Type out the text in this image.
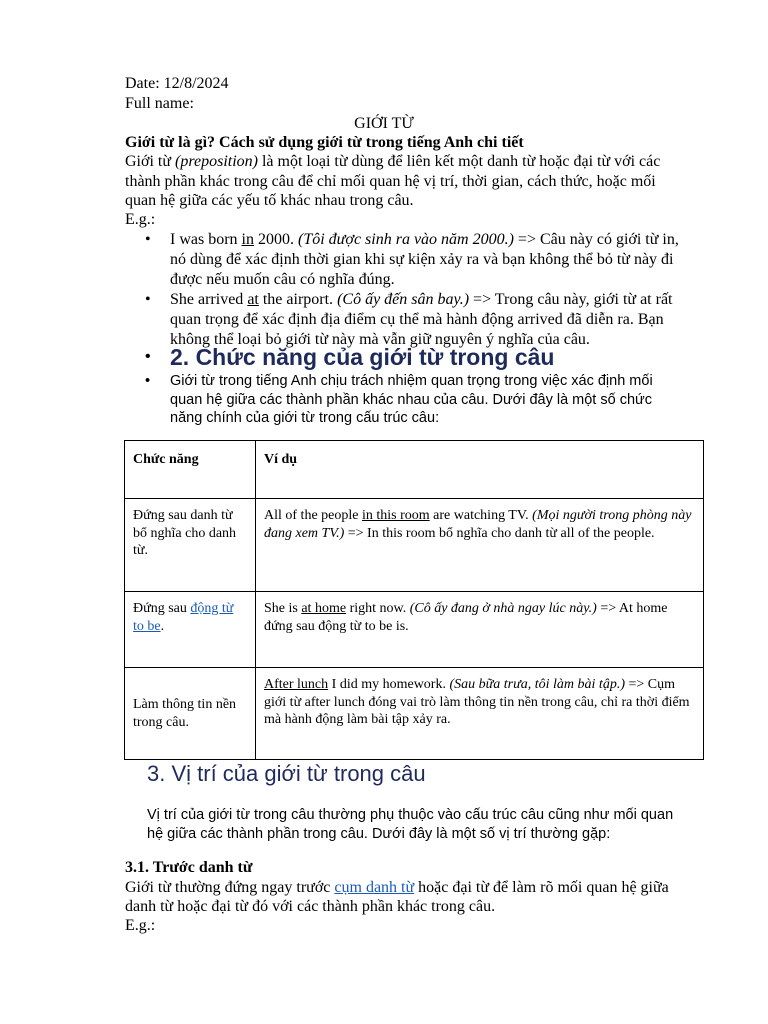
Date: 12/8/2024
Full name:
GIỚI TỪ
Giới từ là gì? Cách sử dụng giới từ trong tiếng Anh chi tiết
Giới từ (preposition) là một loại từ dùng để liên kết một danh từ hoặc đại từ với các
thành phần khác trong câu để chỉ mối quan hệ vị trí, thời gian, cách thức, hoặc mối
quan hệ giữa các yếu tố khác nhau trong câu.
E.g.:
• I was born in 2000. (Tôi được sinh ra vào năm 2000.) => Câu này có giới từ in,
nó dùng để xác định thời gian khi sự kiện xảy ra và bạn không thể bỏ từ này đi
được nếu muốn câu có nghĩa đúng.
• She arrived at the airport. (Cô ấy đến sân bay.) => Trong câu này, giới từ at rất
quan trọng để xác định địa điểm cụ thể mà hành động arrived đã diễn ra. Bạn
không thể loại bỏ giới từ này mà vẫn giữ nguyên ý nghĩa của câu.
• 2. Chức năng của giới từ trong câu
• Giới từ trong tiếng Anh chịu trách nhiệm quan trọng trong việc xác định mối
quan hệ giữa các thành phần khác nhau của câu. Dưới đây là một số chức
năng chính của giới từ trong cấu trúc câu:
Chức năng	Ví dụ
Đứng sau danh từ bổ nghĩa cho danh từ.	All of the people in this room are watching TV. (Mọi người trong phòng này đang xem TV.) => In this room bổ nghĩa cho danh từ all of the people.
Đứng sau động từ to be.	She is at home right now. (Cô ấy đang ở nhà ngay lúc này.) => At home đứng sau động từ to be is.
Làm thông tin nền trong câu.	After lunch I did my homework. (Sau bữa trưa, tôi làm bài tập.) => Cụm giới từ after lunch đóng vai trò làm thông tin nền trong câu, chỉ ra thời điểm mà hành động làm bài tập xảy ra.
3. Vị trí của giới từ trong câu
Vị trí của giới từ trong câu thường phụ thuộc vào cấu trúc câu cũng như mối quan
hệ giữa các thành phần trong câu. Dưới đây là một số vị trí thường gặp:
3.1. Trước danh từ
Giới từ thường đứng ngay trước cụm danh từ hoặc đại từ để làm rõ mối quan hệ giữa
danh từ hoặc đại từ đó với các thành phần khác trong câu.
E.g.:
